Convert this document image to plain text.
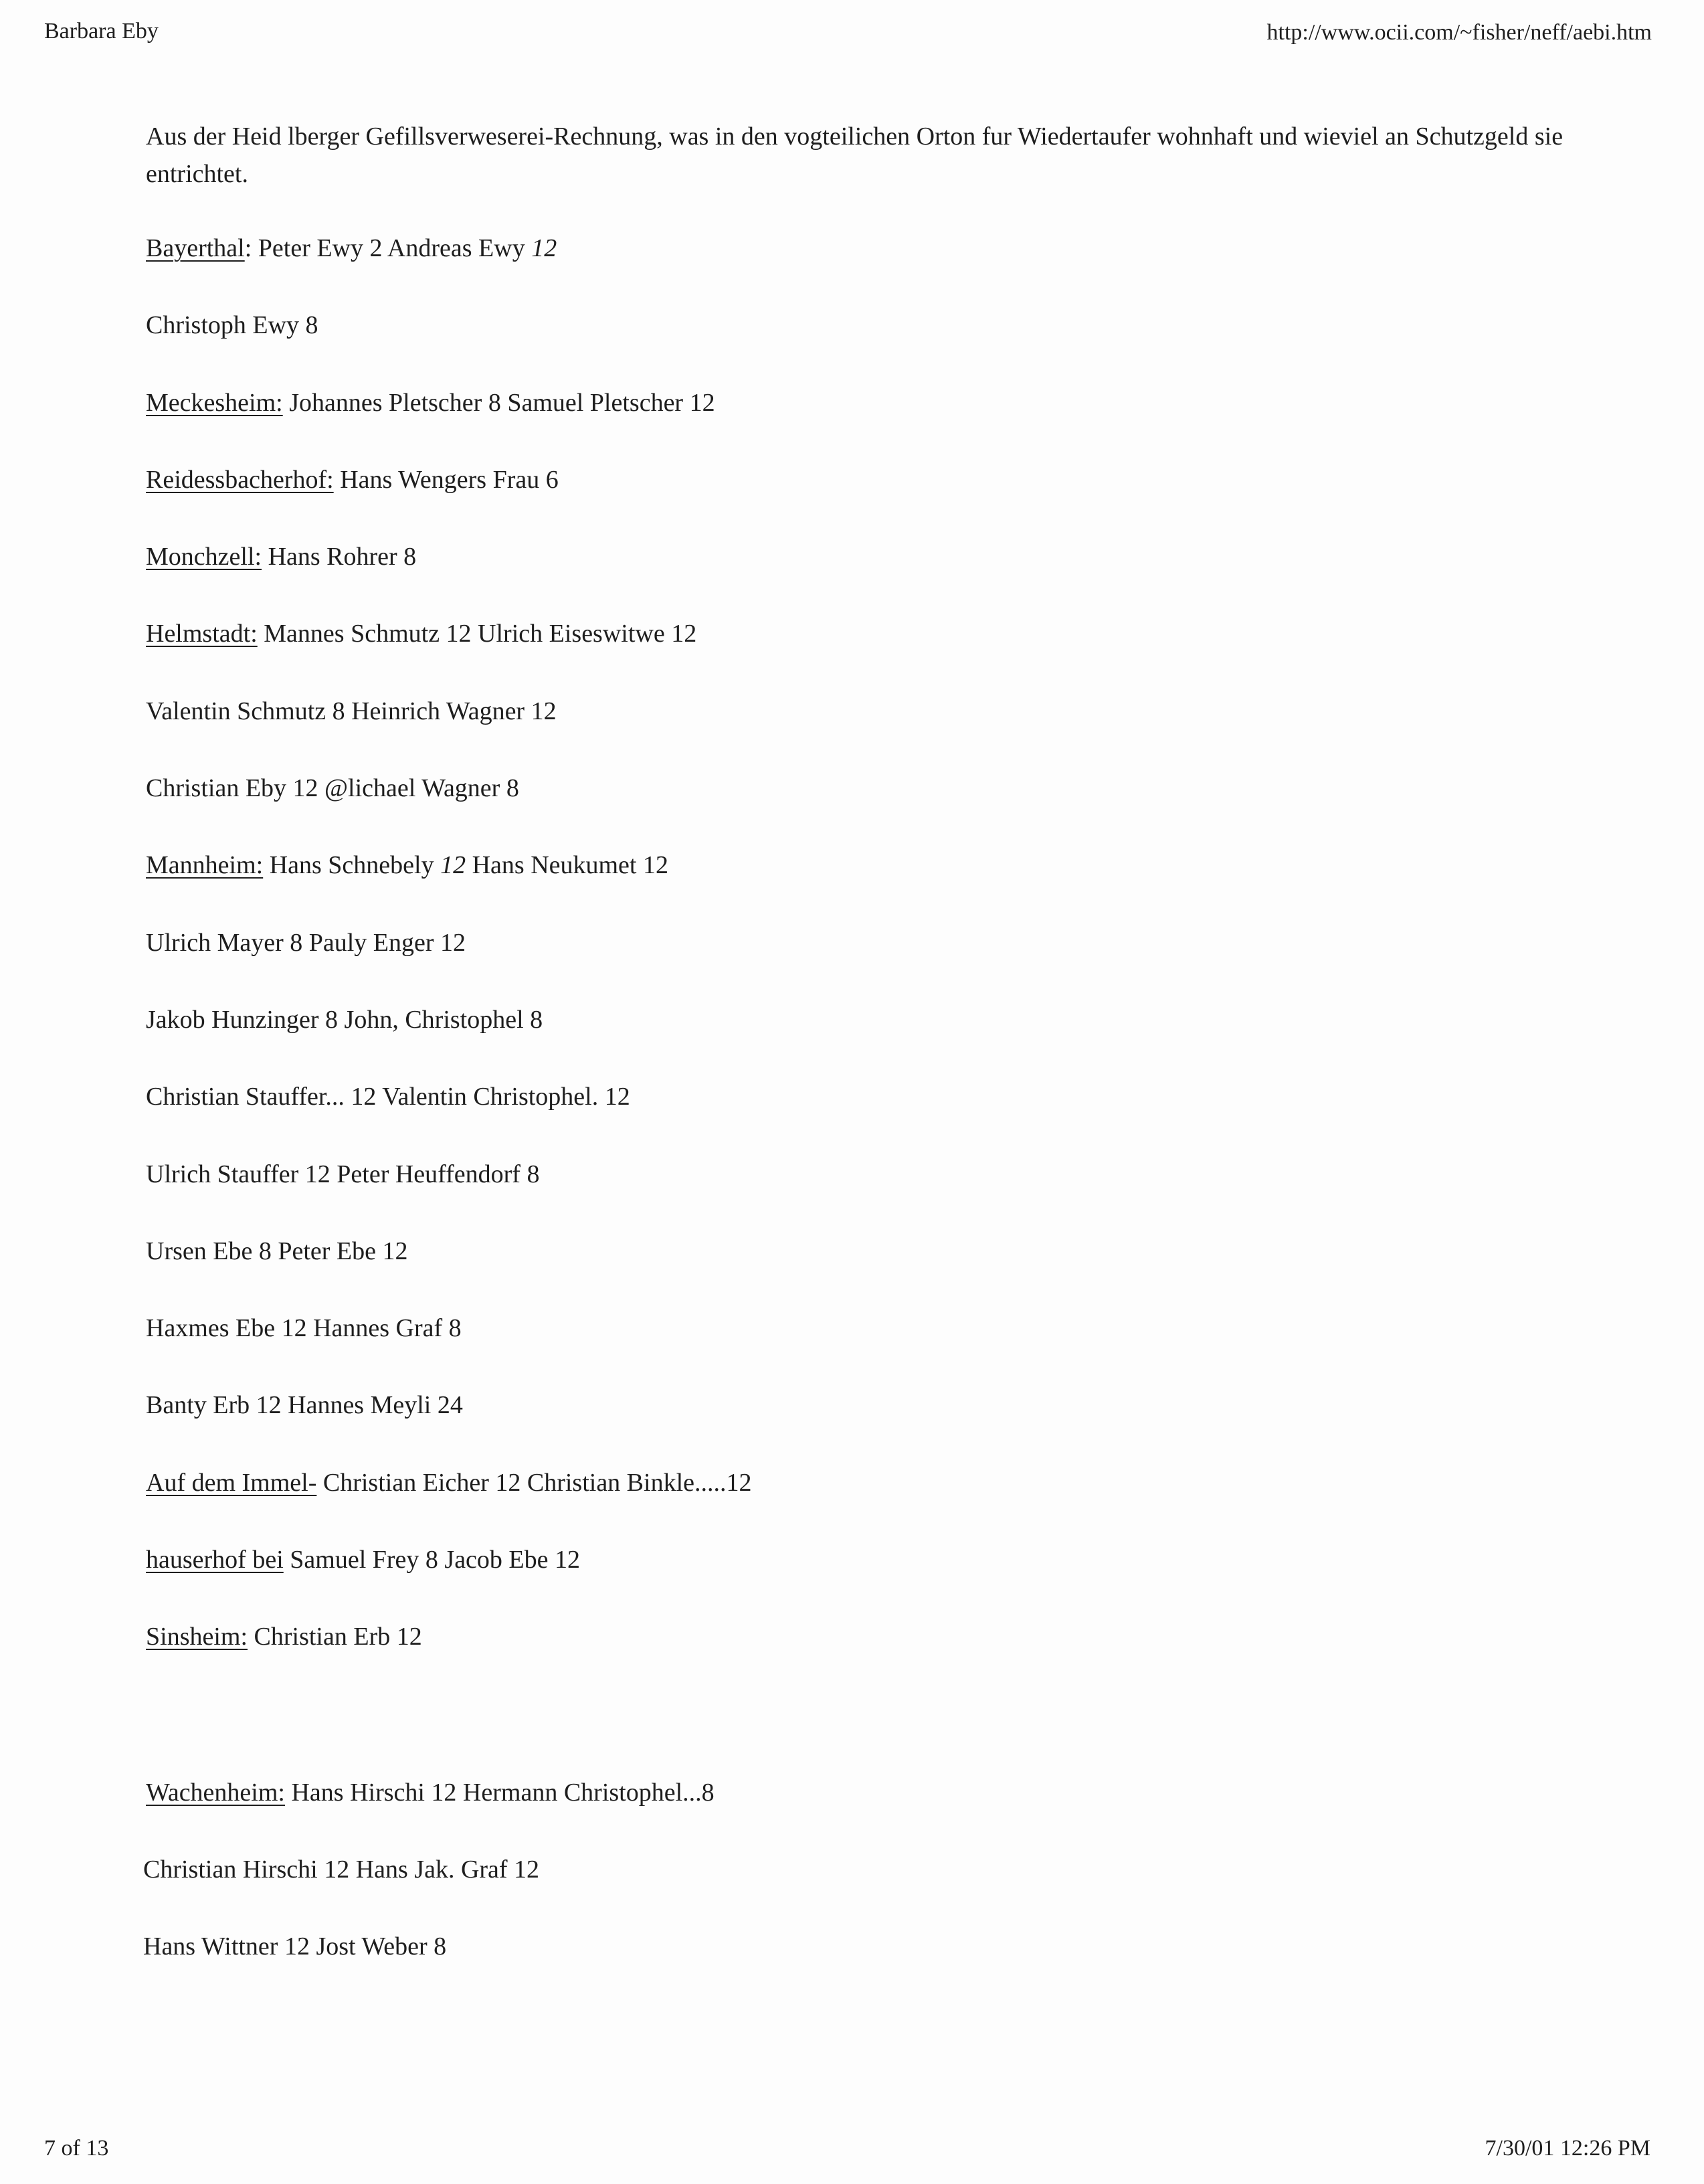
Barbara Eby	http://www.ocii.com/~fisher/neff/aebi.htm

Aus der Heid lberger Gefillsverweserei-Rechnung, was in den vogteilichen Orton fur Wiedertaufer wohnhaft und wieviel an Schutzgeld sie entrichtet.

Bayerthal: Peter Ewy 2 Andreas Ewy 12
Christoph Ewy 8
Meckesheim: Johannes Pletscher 8 Samuel Pletscher 12
Reidessbacherhof: Hans Wengers Frau 6
Monchzell: Hans Rohrer 8
Helmstadt: Mannes Schmutz 12 Ulrich Eiseswitwe 12
Valentin Schmutz 8 Heinrich Wagner 12
Christian Eby 12 @lichael Wagner 8
Mannheim: Hans Schnebely 12 Hans Neukumet 12
Ulrich Mayer 8 Pauly Enger 12
Jakob Hunzinger 8 John, Christophel 8
Christian Stauffer... 12 Valentin Christophel. 12
Ulrich Stauffer 12 Peter Heuffendorf 8
Ursen Ebe 8 Peter Ebe 12
Haxmes Ebe 12 Hannes Graf 8
Banty Erb 12 Hannes Meyli 24
Auf dem Immel- Christian Eicher 12 Christian Binkle.....12
hauserhof bei Samuel Frey 8 Jacob Ebe 12
Sinsheim: Christian Erb 12
Wachenheim: Hans Hirschi 12 Hermann Christophel...8
Christian Hirschi 12 Hans Jak. Graf 12
Hans Wittner 12 Jost Weber 8
7 of 13	7/30/01 12:26 PM
